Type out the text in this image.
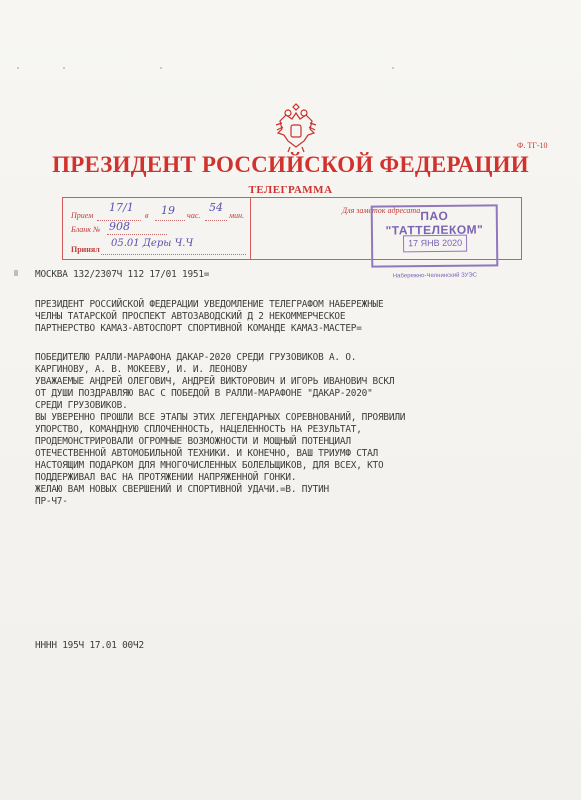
Ф. ТГ-10
ПРЕЗИДЕНТ РОССИЙСКОЙ ФЕДЕРАЦИИ
ТЕЛЕГРАММА
Прием
17/1
в 19 час.
54
мин.
Бланк № 908
Принял
05.01 Деры Ч.Ч
Для заметок адресата ПАО "ТАТТЕЛЕКОМ"
17 ЯНВ 2020
Набережно-Челнинский ЗУЭС
МОСКВА 132/2307Ч 112 17/01 1951=
ПРЕЗИДЕНТ РОССИЙСКОЙ ФЕДЕРАЦИИ УВЕДОМЛЕНИЕ ТЕЛЕГРАФОМ НАБЕРЕЖНЫЕ
ЧЕЛНЫ ТАТАРСКОЙ ПРОСПЕКТ АВТОЗАВОДСКИЙ Д 2 НЕКОММЕРЧЕСКОЕ
ПАРТНЕРСТВО КАМАЗ-АВТОСПОРТ СПОРТИВНОЙ КОМАНДЕ КАМАЗ-МАСТЕР=
ПОБЕДИТЕЛЮ РАЛЛИ-МАРАФОНА ДАКАР-2020 СРЕДИ ГРУЗОВИКОВ А. О.
КАРГИНОВУ, А. В. МОКЕЕВУ, И. И. ЛЕОНОВУ
УВАЖАЕМЫЕ АНДРЕЙ ОЛЕГОВИЧ, АНДРЕЙ ВИКТОРОВИЧ И ИГОРЬ ИВАНОВИЧ ВСКЛ
ОТ ДУШИ ПОЗДРАВЛЯЮ ВАС С ПОБЕДОЙ В РАЛЛИ-МАРАФОНЕ "ДАКАР-2020"
СРЕДИ ГРУЗОВИКОВ.
ВЫ УВЕРЕННО ПРОШЛИ ВСЕ ЭТАПЫ ЭТИХ ЛЕГЕНДАРНЫХ СОРЕВНОВАНИЙ, ПРОЯВИЛИ
УПОРСТВО, КОМАНДНУЮ СПЛОЧЕННОСТЬ, НАЦЕЛЕННОСТЬ НА РЕЗУЛЬТАТ,
ПРОДЕМОНСТРИРОВАЛИ ОГРОМНЫЕ ВОЗМОЖНОСТИ И МОЩНЫЙ ПОТЕНЦИАЛ
ОТЕЧЕСТВЕННОЙ АВТОМОБИЛЬНОЙ ТЕХНИКИ. И КОНЕЧНО, ВАШ ТРИУМФ СТАЛ
НАСТОЯЩИМ ПОДАРКОМ ДЛЯ МНОГОЧИСЛЕННЫХ БОЛЕЛЬЩИКОВ, ДЛЯ ВСЕХ, КТО
ПОДДЕРЖИВАЛ ВАС НА ПРОТЯЖЕНИИ НАПРЯЖЕННОЙ ГОНКИ.
ЖЕЛАЮ ВАМ НОВЫХ СВЕРШЕНИЙ И СПОРТИВНОЙ УДАЧИ.=В. ПУТИН
ПР-Ч7-
НННН 195Ч 17.01 00Ч2
